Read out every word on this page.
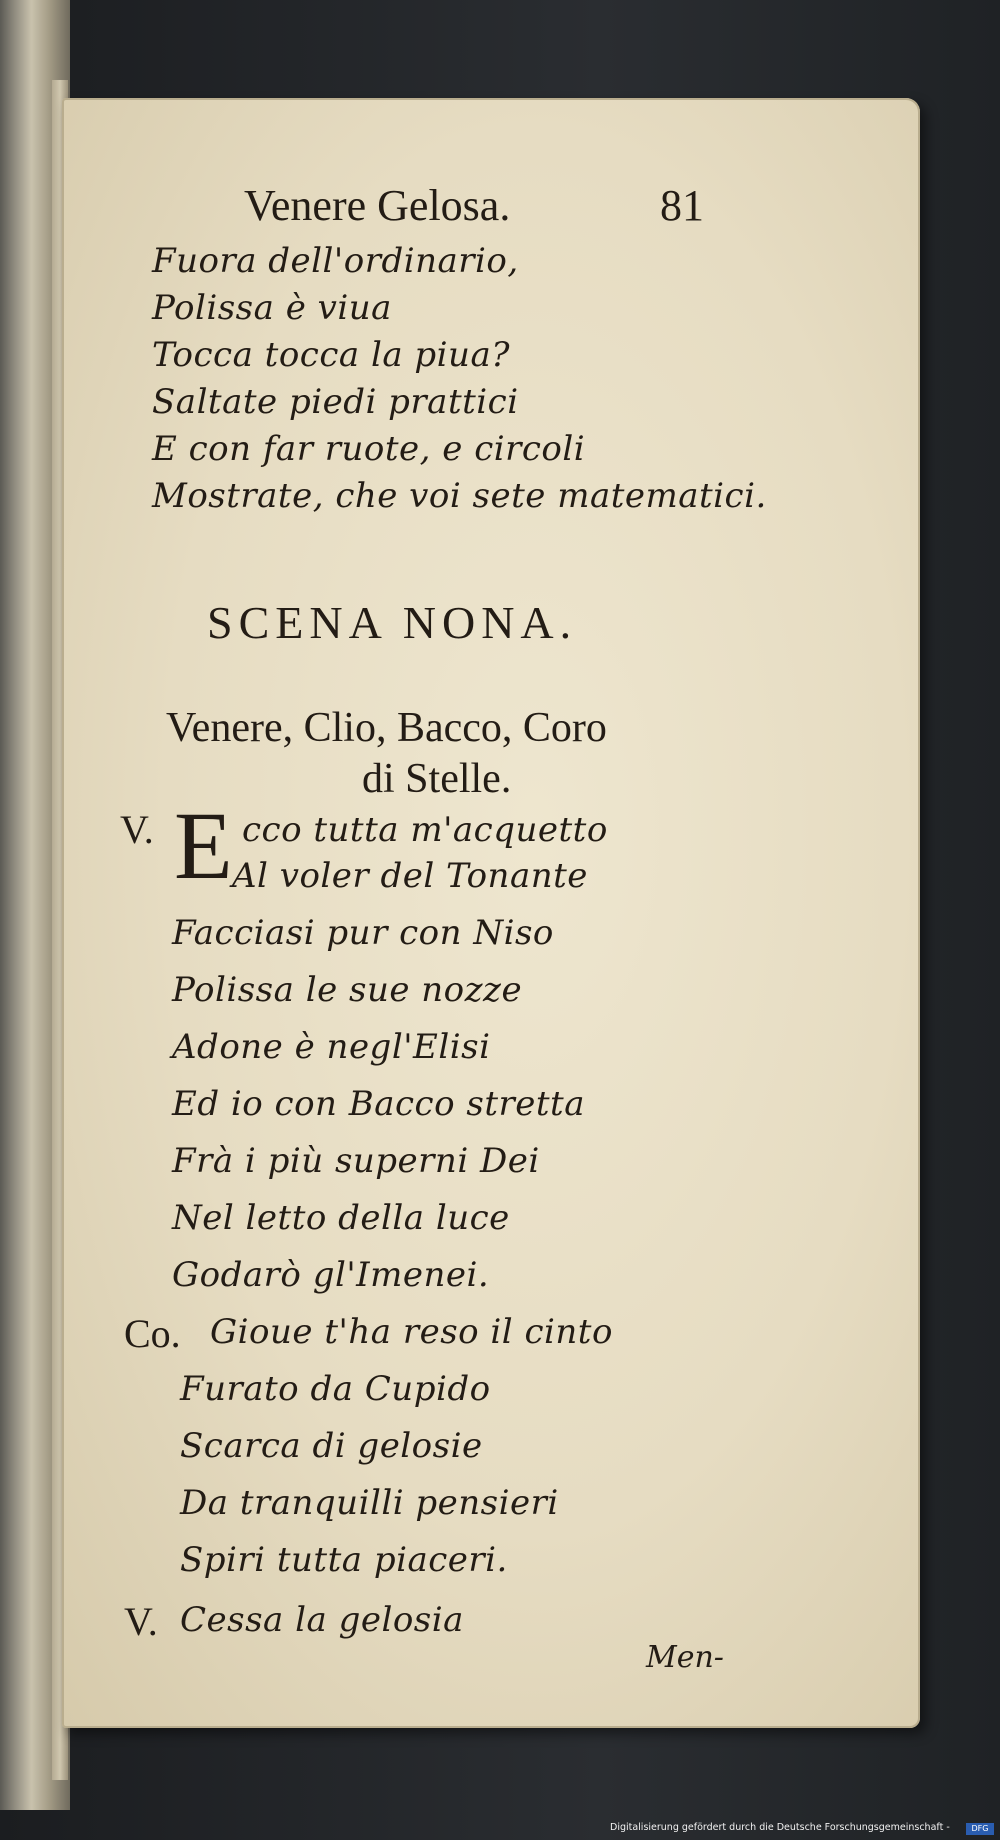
Venere Gelosa.	81
Fuora dell'ordinario,
Polissa è viua
Tocca tocca la piua?
Saltate piedi prattici
E con far ruote, e circoli
Mostrate, che voi sete matematici.
SCENA NONA.
Venere, Clio, Bacco, Coro
di Stelle.
V. E cco tutta m'acquetto
Al voler del Tonante
Facciasi pur con Niso
Polissa le sue nozze
Adone è negl'Elisi
Ed io con Bacco stretta
Frà i più superni Dei
Nel letto della luce
Godarò gl'Imenei.
Co. Gioue t'ha reso il cinto
Furato da Cupido
Scarca di gelosie
Da tranquilli pensieri
Spiri tutta piaceri.
V. Cessa la gelosia
Men-
Digitalisierung gefördert durch die Deutsche Forschungsgemeinschaft -	DFG
